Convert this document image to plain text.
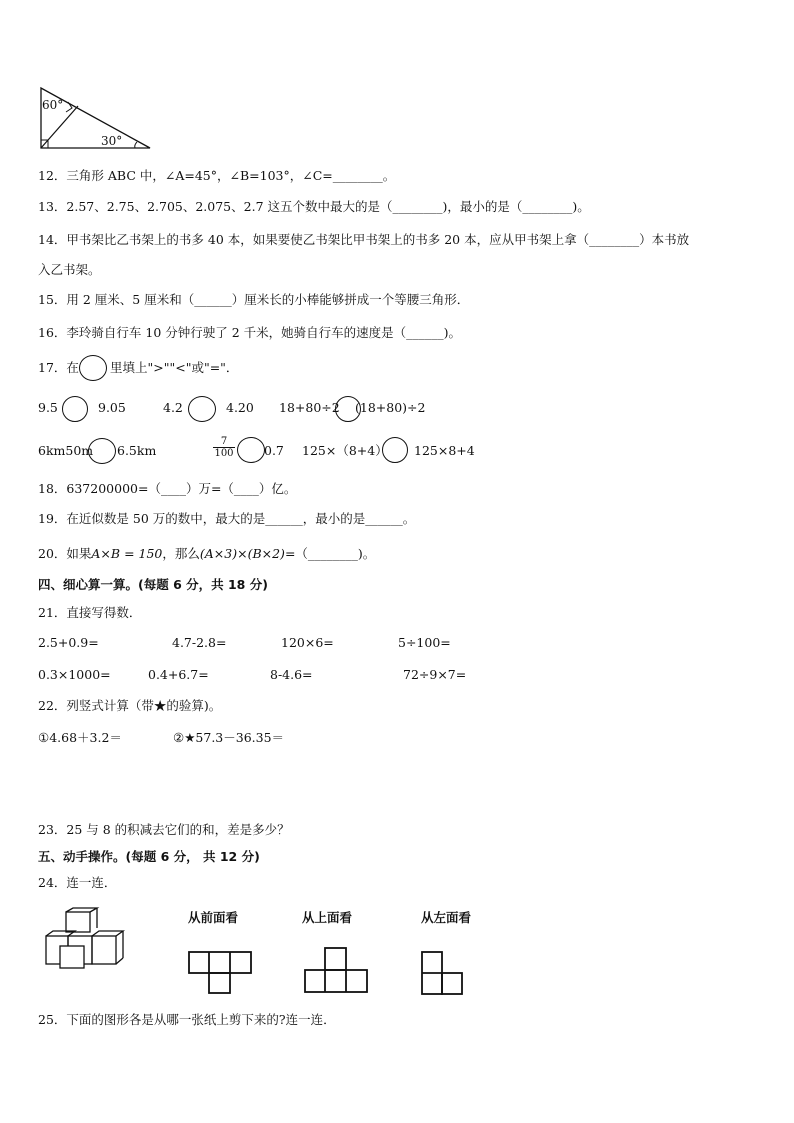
60°
30°
12．三角形 ABC 中，∠A=45°，∠B=103°，∠C=________。
13．2.57、2.75、2.705、2.075、2.7 这五个数中最大的是（________)，最小的是（________)。
14．甲书架比乙书架上的书多 40 本，如果要使乙书架比甲书架上的书多 20 本，应从甲书架上拿（________）本书放
入乙书架。
15．用 2 厘米、5 厘米和（______）厘米长的小棒能够拼成一个等腰三角形．
16．李玲骑自行车 10 分钟行驶了 2 千米，她骑自行车的速度是（______)。
17．在 里填上">""<"或"="．
9.5	9.05	4.2	4.20 18+80÷2 (18+80)÷2
6km50m 6.5km	$\frac{7}{100} 0.7$ 125×（8+4） 125×8+4
18．637200000=（____）万=（____）亿。
19．在近似数是 50 万的数中，最大的是______，最小的是______。
20．如果A×B = 150，那么(A×3)×(B×2)=（________)。
四、细心算一算。(每题 6 分，共 18 分)
21．直接写得数．
2.5+0.9=	4.7-2.8=	120×6=	5÷100=
0.3×1000=	0.4+6.7=	8-4.6=	72÷9×7=
22．列竖式计算（带★的验算)。
①4.68＋3.2＝	②★57.3－36.35＝
23．25 与 8 的积减去它们的和，差是多少？
五、动手操作。(每题 6 分， 共 12 分)
24．连一连．
从前面看	从上面看	从左面看
25．下面的图形各是从哪一张纸上剪下来的?连一连．
